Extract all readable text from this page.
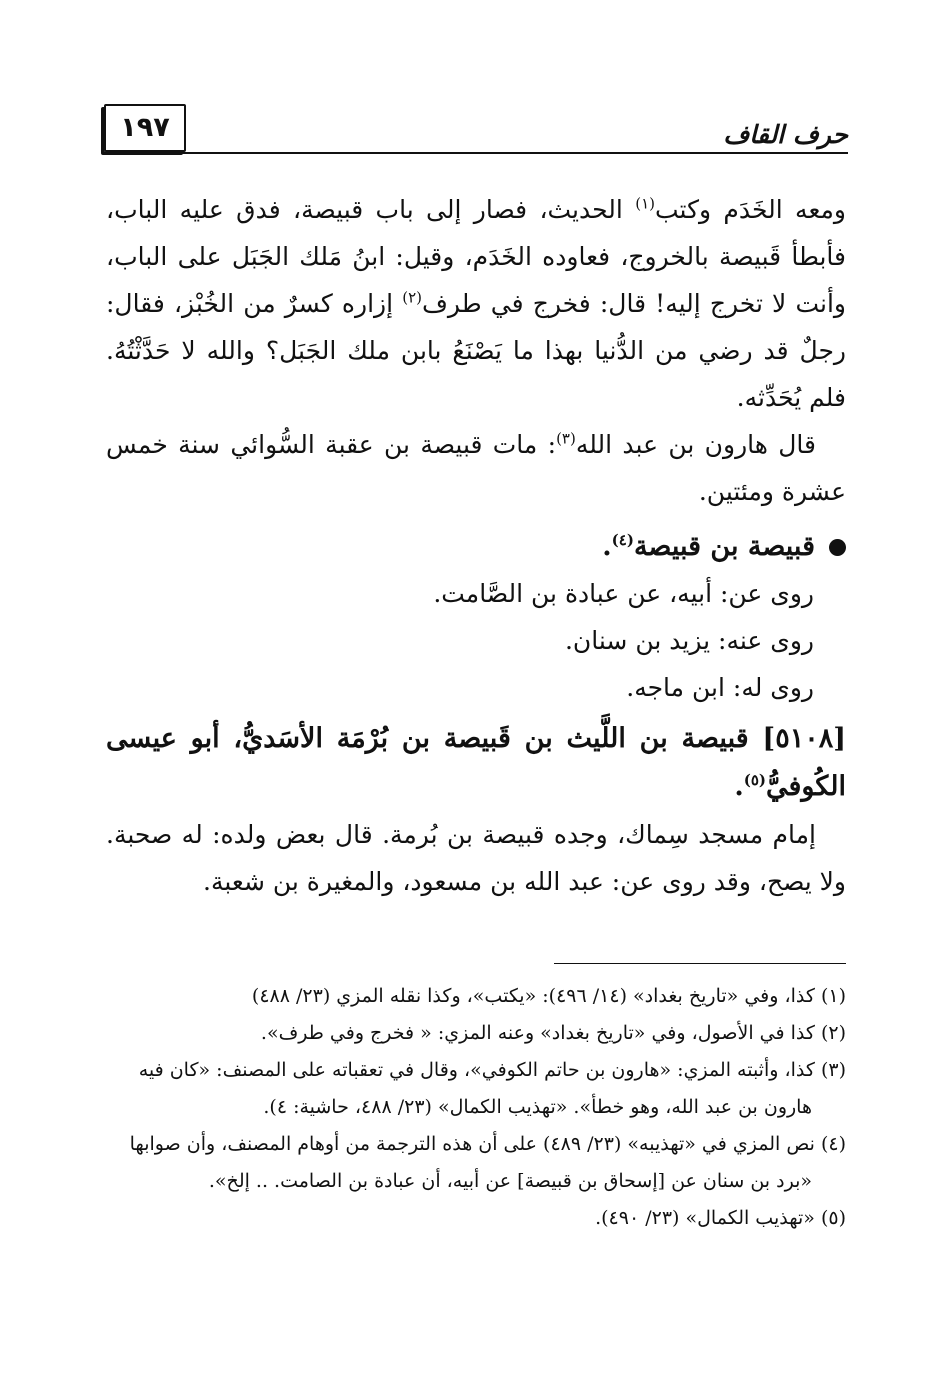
١٩٧	حرف القاف

ومعه الخَدَم وكتب$^{(١)}$ الحديث، فصار إلى باب قبيصة، فدق عليه الباب، فأبطأ قَبيصة بالخروج، فعاوده الخَدَم، وقيل: ابنُ مَلك الجَبَل على الباب، وأنت لا تخرج إليه! قال: فخرج في طرف$^{(٢)}$ إزاره كسرٌ من الخُبْز، فقال: رجلٌ قد رضي من الدُّنيا بهذا ما يَصْنَعُ بابن ملك الجَبَل؟ والله لا حَدَّثْتُهُ. فلم يُحَدِّثه.

قال هارون بن عبد الله$^{(٣)}$: مات قبيصة بن عقبة السُّوائي سنة خمس عشرة ومئتين.

قبيصة بن قبيصة$^{(٤)}$.

روى عن: أبيه، عن عبادة بن الصَّامت.

روى عنه: يزيد بن سنان.

روى له: ابن ماجه.

[٥١٠٨] قبيصة بن اللَّيث بن قَبيصة بن بُرْمَة الأسَديُّ، أبو عيسى الكُوفيُّ$^{(٥)}$.

إمام مسجد سِماك، وجده قبيصة بن بُرمة. قال بعض ولده: له صحبة. ولا يصح، وقد روى عن: عبد الله بن مسعود، والمغيرة بن شعبة.

(١) كذا، وفي «تاريخ بغداد» (١٤/ ٤٩٦): «يكتب»، وكذا نقله المزي (٢٣/ ٤٨٨)

(٢) كذا في الأصول، وفي «تاريخ بغداد» وعنه المزي: « فخرج وفي طرف».

(٣) كذا، وأثبته المزي: «هارون بن حاتم الكوفي»، وقال في تعقباته على المصنف: «كان فيه

هارون بن عبد الله، وهو خطأ». «تهذيب الكمال» (٢٣/ ٤٨٨، حاشية: ٤).

(٤) نص المزي في «تهذيبه» (٢٣/ ٤٨٩) على أن هذه الترجمة من أوهام المصنف، وأن صوابها

«برد بن سنان عن [إسحاق بن قبيصة] عن أبيه، أن عبادة بن الصامت. .. إلخ».

(٥) «تهذيب الكمال» (٢٣/ ٤٩٠).
